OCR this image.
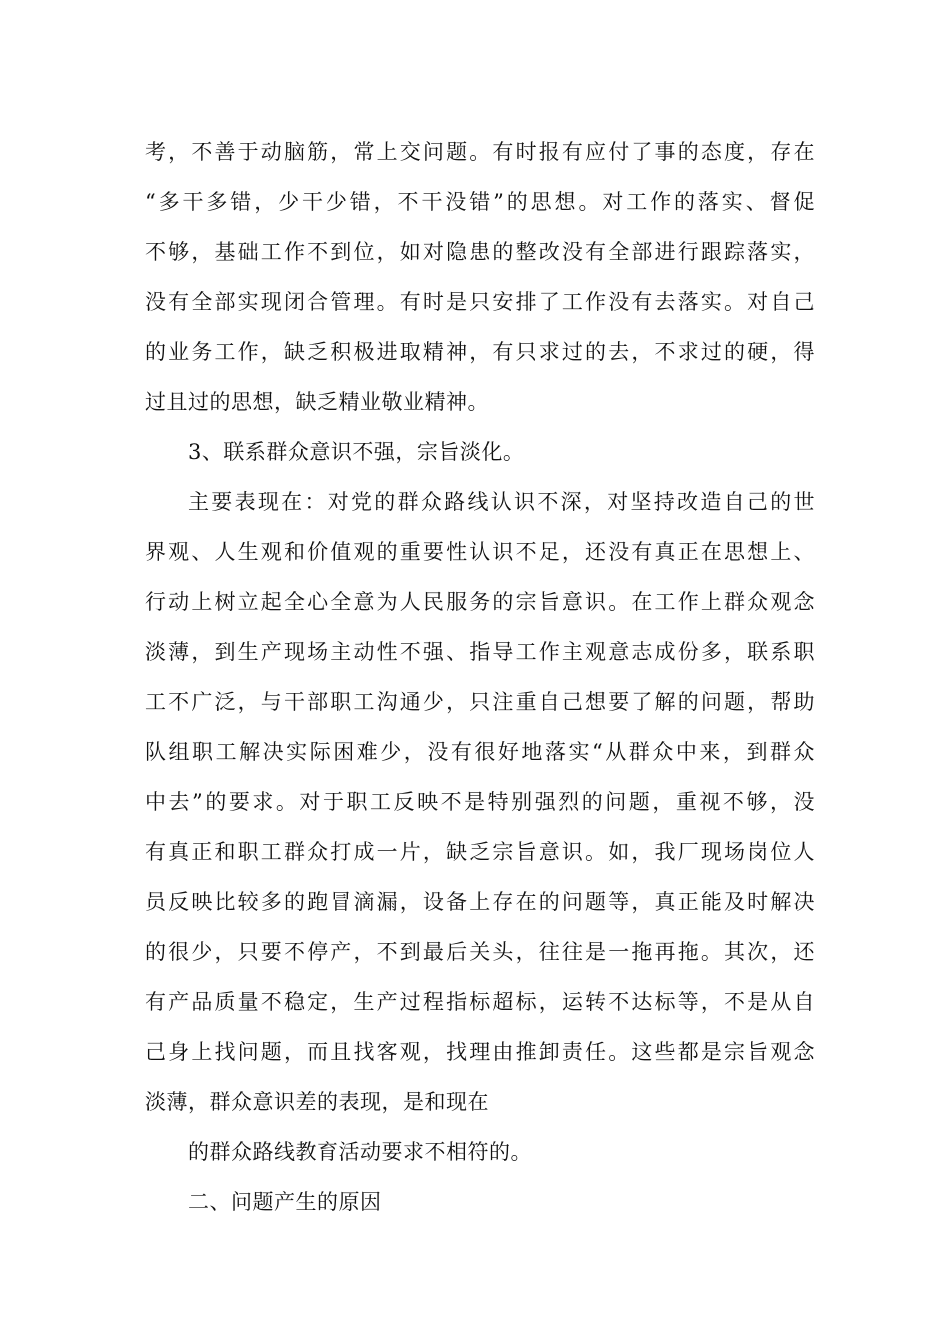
考，不善于动脑筋，常上交问题。有时报有应付了事的态度，存在
“多干多错，少干少错，不干没错”的思想。对工作的落实、督促
不够，基础工作不到位，如对隐患的整改没有全部进行跟踪落实，
没有全部实现闭合管理。有时是只安排了工作没有去落实。对自己
的业务工作，缺乏积极进取精神，有只求过的去，不求过的硬，得
过且过的思想，缺乏精业敬业精神。
3、联系群众意识不强，宗旨淡化。
主要表现在：对党的群众路线认识不深，对坚持改造自己的世
界观、人生观和价值观的重要性认识不足，还没有真正在思想上、
行动上树立起全心全意为人民服务的宗旨意识。在工作上群众观念
淡薄，到生产现场主动性不强、指导工作主观意志成份多，联系职
工不广泛，与干部职工沟通少，只注重自己想要了解的问题，帮助
队组职工解决实际困难少，没有很好地落实“从群众中来，到群众
中去”的要求。对于职工反映不是特别强烈的问题，重视不够，没
有真正和职工群众打成一片，缺乏宗旨意识。如，我厂现场岗位人
员反映比较多的跑冒滴漏，设备上存在的问题等，真正能及时解决
的很少，只要不停产，不到最后关头，往往是一拖再拖。其次，还
有产品质量不稳定，生产过程指标超标，运转不达标等，不是从自
己身上找问题，而且找客观，找理由推卸责任。这些都是宗旨观念
淡薄，群众意识差的表现，是和现在
的群众路线教育活动要求不相符的。
二、问题产生的原因
